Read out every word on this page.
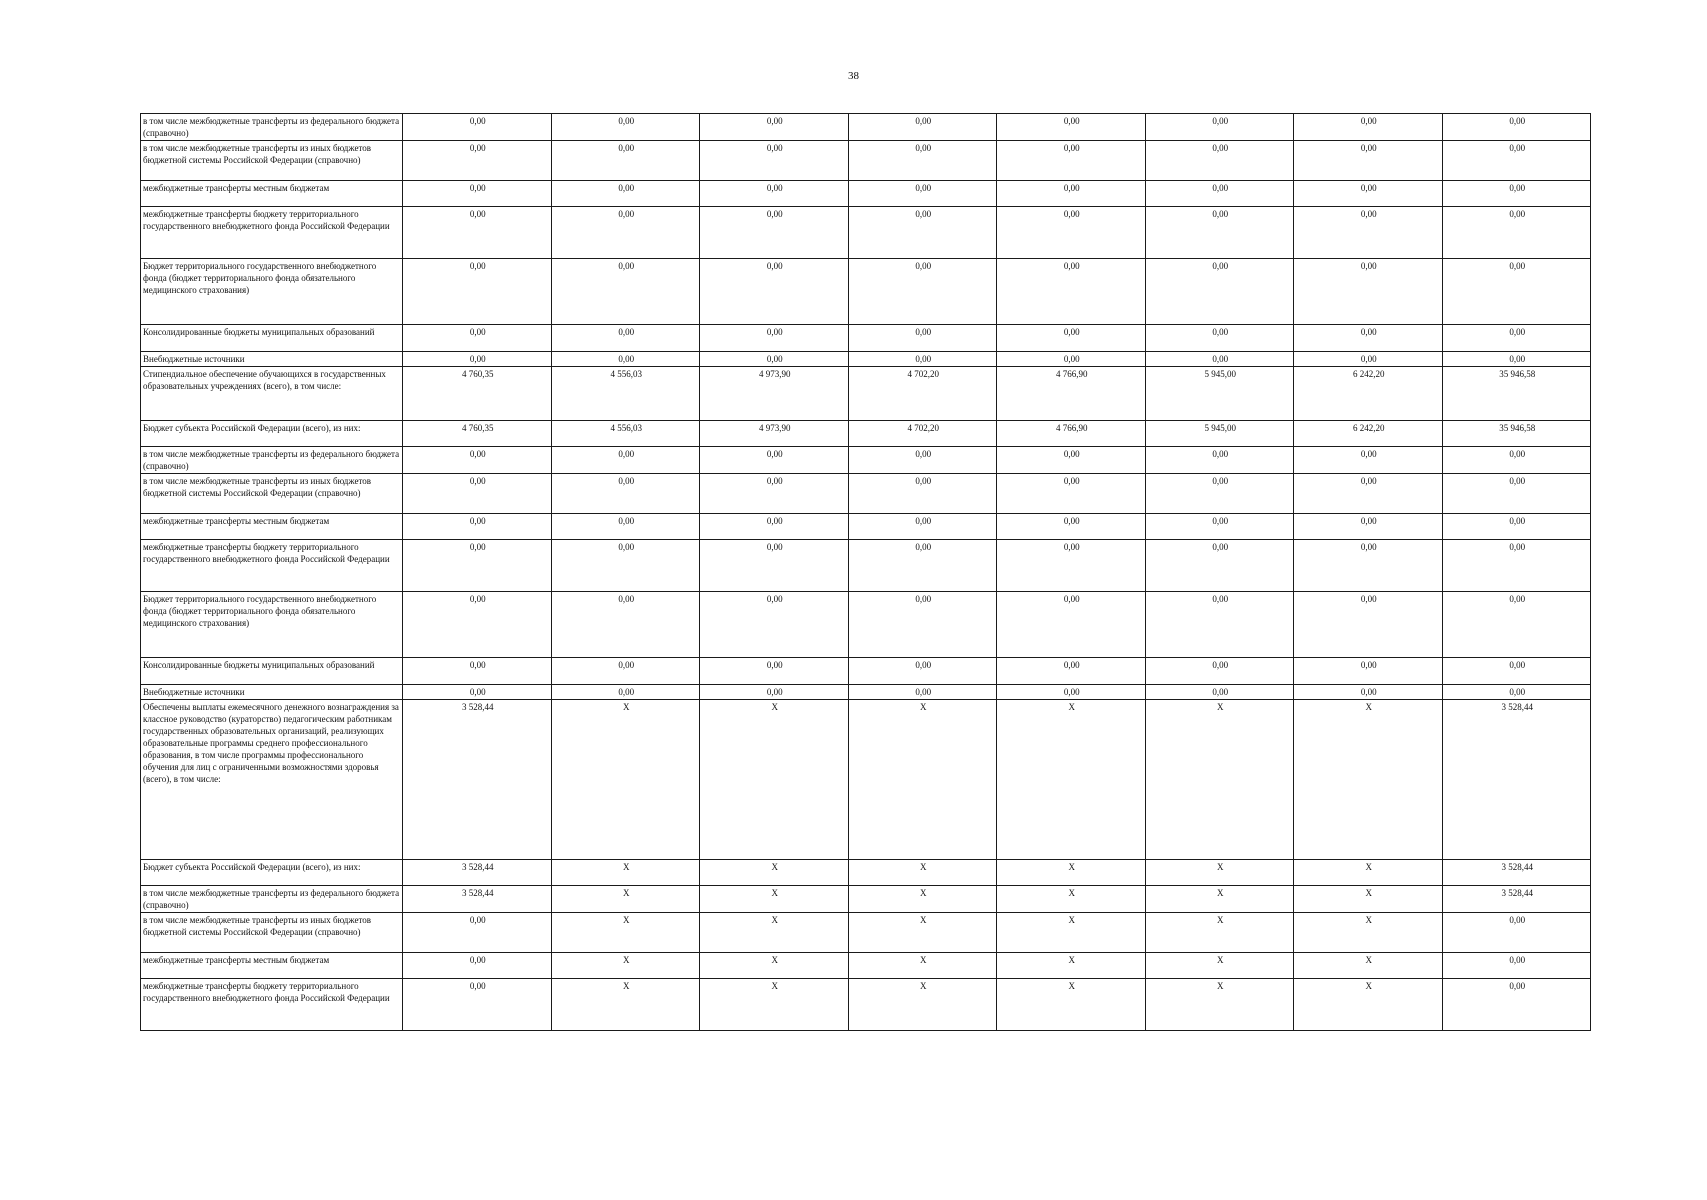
38
в том числе межбюджетные трансферты из федерального бюджета (справочно)	0,00	0,00	0,00	0,00	0,00	0,00	0,00	0,00
в том числе межбюджетные трансферты из иных бюджетов бюджетной системы Российской Федерации (справочно)	0,00	0,00	0,00	0,00	0,00	0,00	0,00	0,00
межбюджетные трансферты местным бюджетам	0,00	0,00	0,00	0,00	0,00	0,00	0,00	0,00
межбюджетные трансферты бюджету территориального государственного внебюджетного фонда Российской Федерации	0,00	0,00	0,00	0,00	0,00	0,00	0,00	0,00
Бюджет территориального государственного внебюджетного фонда (бюджет территориального фонда обязательного медицинского страхования)	0,00	0,00	0,00	0,00	0,00	0,00	0,00	0,00
Консолидированные бюджеты муниципальных образований	0,00	0,00	0,00	0,00	0,00	0,00	0,00	0,00
Внебюджетные источники	0,00	0,00	0,00	0,00	0,00	0,00	0,00	0,00
Стипендиальное обеспечение обучающихся в государственных образовательных учреждениях (всего), в том числе:	4 760,35	4 556,03	4 973,90	4 702,20	4 766,90	5 945,00	6 242,20	35 946,58
Бюджет субъекта Российской Федерации (всего), из них:	4 760,35	4 556,03	4 973,90	4 702,20	4 766,90	5 945,00	6 242,20	35 946,58
в том числе межбюджетные трансферты из федерального бюджета (справочно)	0,00	0,00	0,00	0,00	0,00	0,00	0,00	0,00
в том числе межбюджетные трансферты из иных бюджетов бюджетной системы Российской Федерации (справочно)	0,00	0,00	0,00	0,00	0,00	0,00	0,00	0,00
межбюджетные трансферты местным бюджетам	0,00	0,00	0,00	0,00	0,00	0,00	0,00	0,00
межбюджетные трансферты бюджету территориального государственного внебюджетного фонда Российской Федерации	0,00	0,00	0,00	0,00	0,00	0,00	0,00	0,00
Бюджет территориального государственного внебюджетного фонда (бюджет территориального фонда обязательного медицинского страхования)	0,00	0,00	0,00	0,00	0,00	0,00	0,00	0,00
Консолидированные бюджеты муниципальных образований	0,00	0,00	0,00	0,00	0,00	0,00	0,00	0,00
Внебюджетные источники	0,00	0,00	0,00	0,00	0,00	0,00	0,00	0,00
Обеспечены выплаты ежемесячного денежного вознаграждения за классное руководство (кураторство) педагогическим работникам государственных образовательных организаций, реализующих образовательные программы среднего профессионального образования, в том числе программы профессионального обучения для лиц с ограниченными возможностями здоровья (всего), в том числе:	3 528,44	X	X	X	X	X	X	3 528,44
Бюджет субъекта Российской Федерации (всего), из них:	3 528,44	X	X	X	X	X	X	3 528,44
в том числе межбюджетные трансферты из федерального бюджета (справочно)	3 528,44	X	X	X	X	X	X	3 528,44
в том числе межбюджетные трансферты из иных бюджетов бюджетной системы Российской Федерации (справочно)	0,00	X	X	X	X	X	X	0,00
межбюджетные трансферты местным бюджетам	0,00	X	X	X	X	X	X	0,00
межбюджетные трансферты бюджету территориального государственного внебюджетного фонда Российской Федерации	0,00	X	X	X	X	X	X	0,00
